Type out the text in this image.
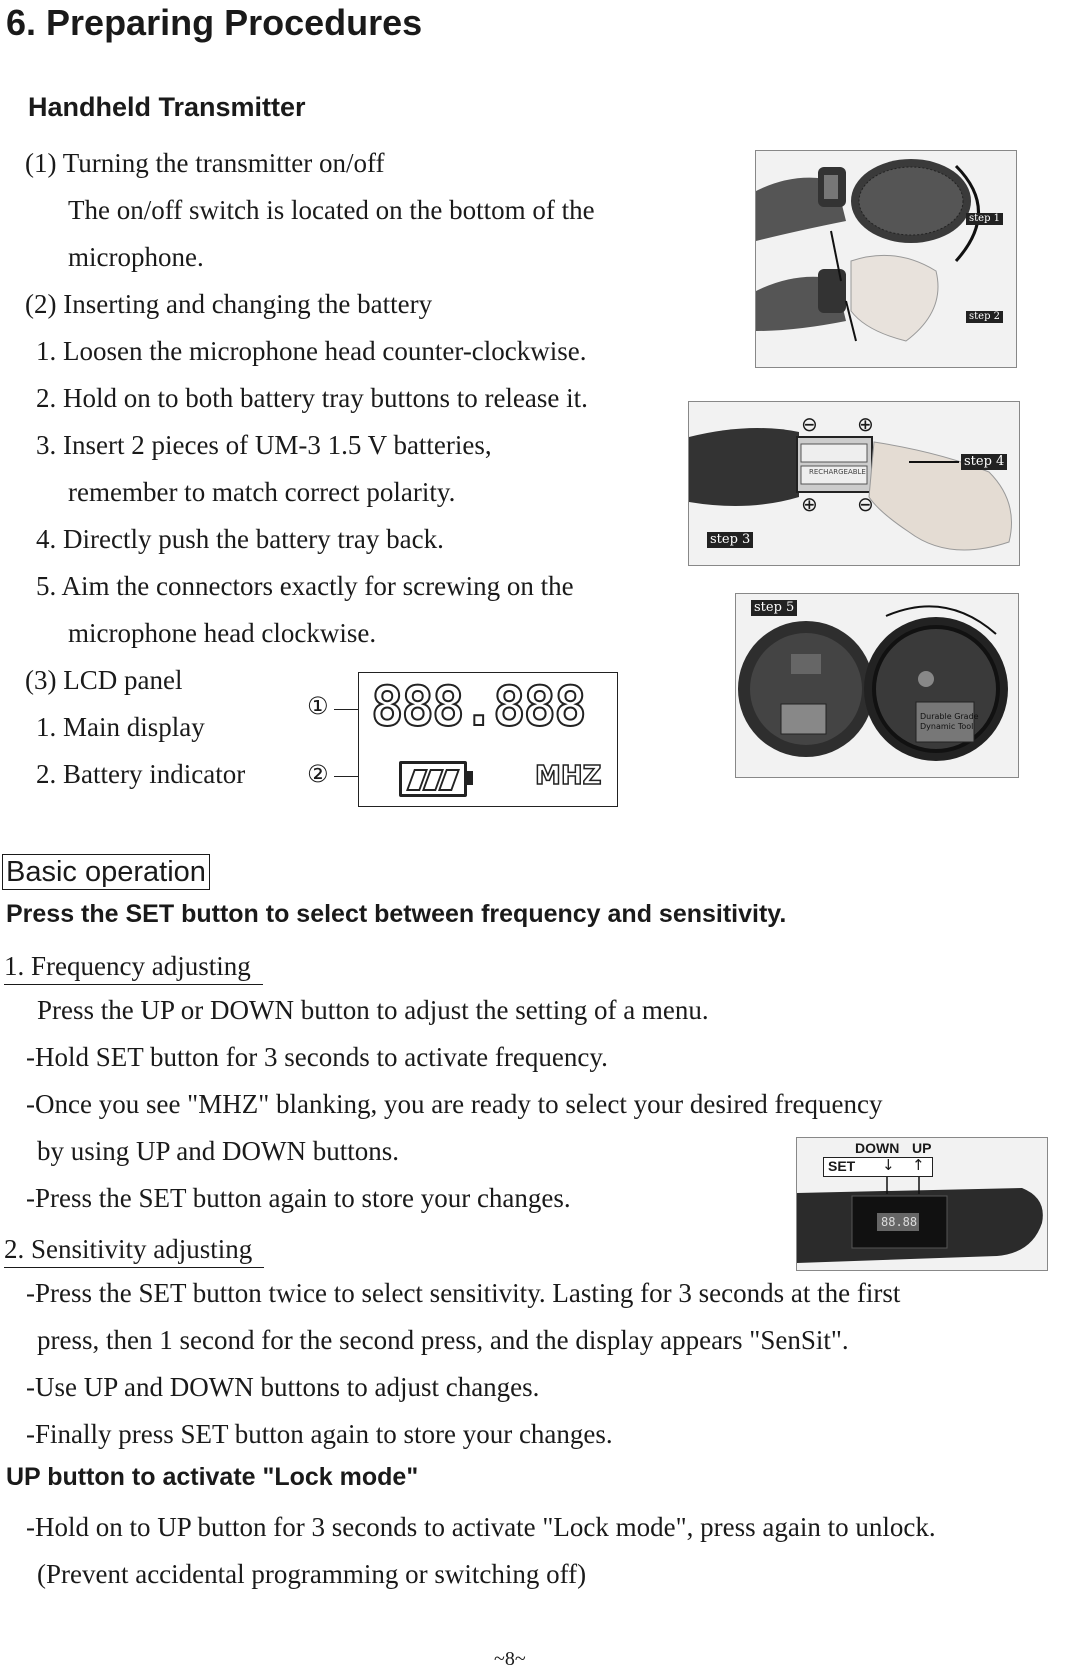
6. Preparing Procedures
Handheld Transmitter
(1) Turning the transmitter on/off
The on/off switch is located on the bottom of the
microphone.
(2) Inserting and changing the battery
1. Loosen the microphone head counter-clockwise.
2. Hold on to both battery tray buttons to release it.
3. Insert 2 pieces of UM-3 1.5 V batteries,
remember to match correct polarity.
4. Directly push the battery tray back.
5. Aim the connectors exactly for screwing on the
microphone head clockwise.
(3) LCD panel
1. Main display
2. Battery indicator
step 1
step 2
⊖ ⊕
⊕ ⊖
RECHARGEABLE
step 4
step 3
Durable Grade
Dynamic Tool
step 5
①
②
888.888
MHZ
Basic operation
Press the SET button to select between frequency and sensitivity.
1. Frequency adjusting
Press the UP or DOWN button to adjust the setting of a menu.
-Hold SET button for 3 seconds to activate frequency.
-Once you see "MHZ" blanking, you are ready to select your desired frequency
by using UP and DOWN buttons.
-Press the SET button again to store your changes.
2. Sensitivity adjusting
-Press the SET button twice to select sensitivity. Lasting for 3 seconds at the first
press, then 1 second for the second press, and the display appears "SenSit".
-Use UP and DOWN buttons to adjust changes.
-Finally press SET button again to store your changes.
UP button to activate "Lock mode"
-Hold on to UP button for 3 seconds to activate "Lock mode", press again to unlock.
(Prevent accidental programming or switching off)
DOWN UP
SET ↓ ↑
88.88
~8~
